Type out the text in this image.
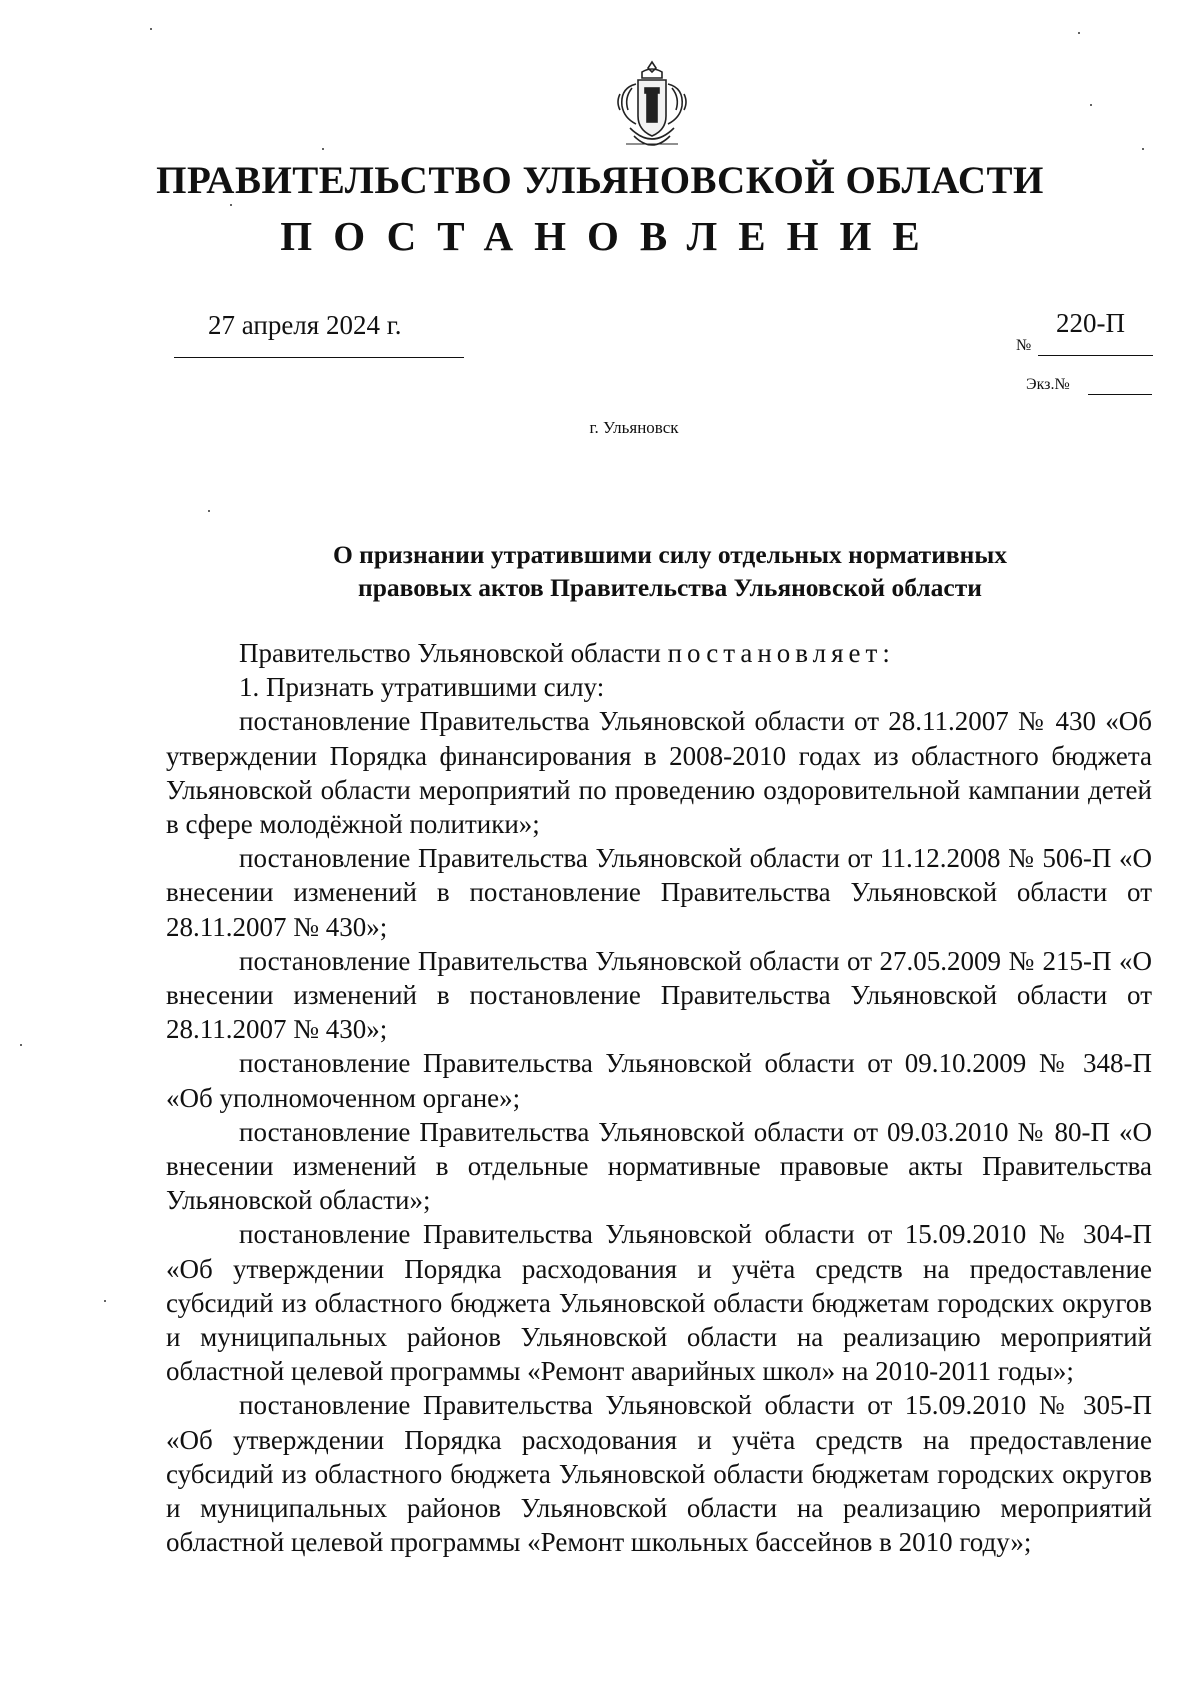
ПРАВИТЕЛЬСТВО УЛЬЯНОВСКОЙ ОБЛАСТИ
ПОСТАНОВЛЕНИЕ
27 апреля 2024 г.
№
220-П
Экз.№
г. Ульяновск
О признании утратившими силу отдельных нормативных
правовых актов Правительства Ульяновской области

Правительство Ульяновской области постановляет:

1. Признать утратившими силу:

постановление Правительства Ульяновской области от 28.11.2007 № 430 «Об утверждении Порядка финансирования в 2008-2010 годах из областного бюджета Ульяновской области мероприятий по проведению оздоровительной кампании детей в сфере молодёжной политики»;

постановление Правительства Ульяновской области от 11.12.2008 № 506-П «О внесении изменений в постановление Правительства Ульяновской области от 28.11.2007 № 430»;

постановление Правительства Ульяновской области от 27.05.2009 № 215-П «О внесении изменений в постановление Правительства Ульяновской области от 28.11.2007 № 430»;

постановление Правительства Ульяновской области от 09.10.2009 № 348-П «Об уполномоченном органе»;

постановление Правительства Ульяновской области от 09.03.2010 № 80-П «О внесении изменений в отдельные нормативные правовые акты Правительства Ульяновской области»;

постановление Правительства Ульяновской области от 15.09.2010 № 304-П «Об утверждении Порядка расходования и учёта средств на предоставление субсидий из областного бюджета Ульяновской области бюджетам городских округов и муниципальных районов Ульяновской области на реализацию мероприятий областной целевой программы «Ремонт аварийных школ» на 2010-2011 годы»;

постановление Правительства Ульяновской области от 15.09.2010 № 305-П «Об утверждении Порядка расходования и учёта средств на предоставление субсидий из областного бюджета Ульяновской области бюджетам городских округов и муниципальных районов Ульяновской области на реализацию мероприятий областной целевой программы «Ремонт школьных бассейнов в 2010 году»;
